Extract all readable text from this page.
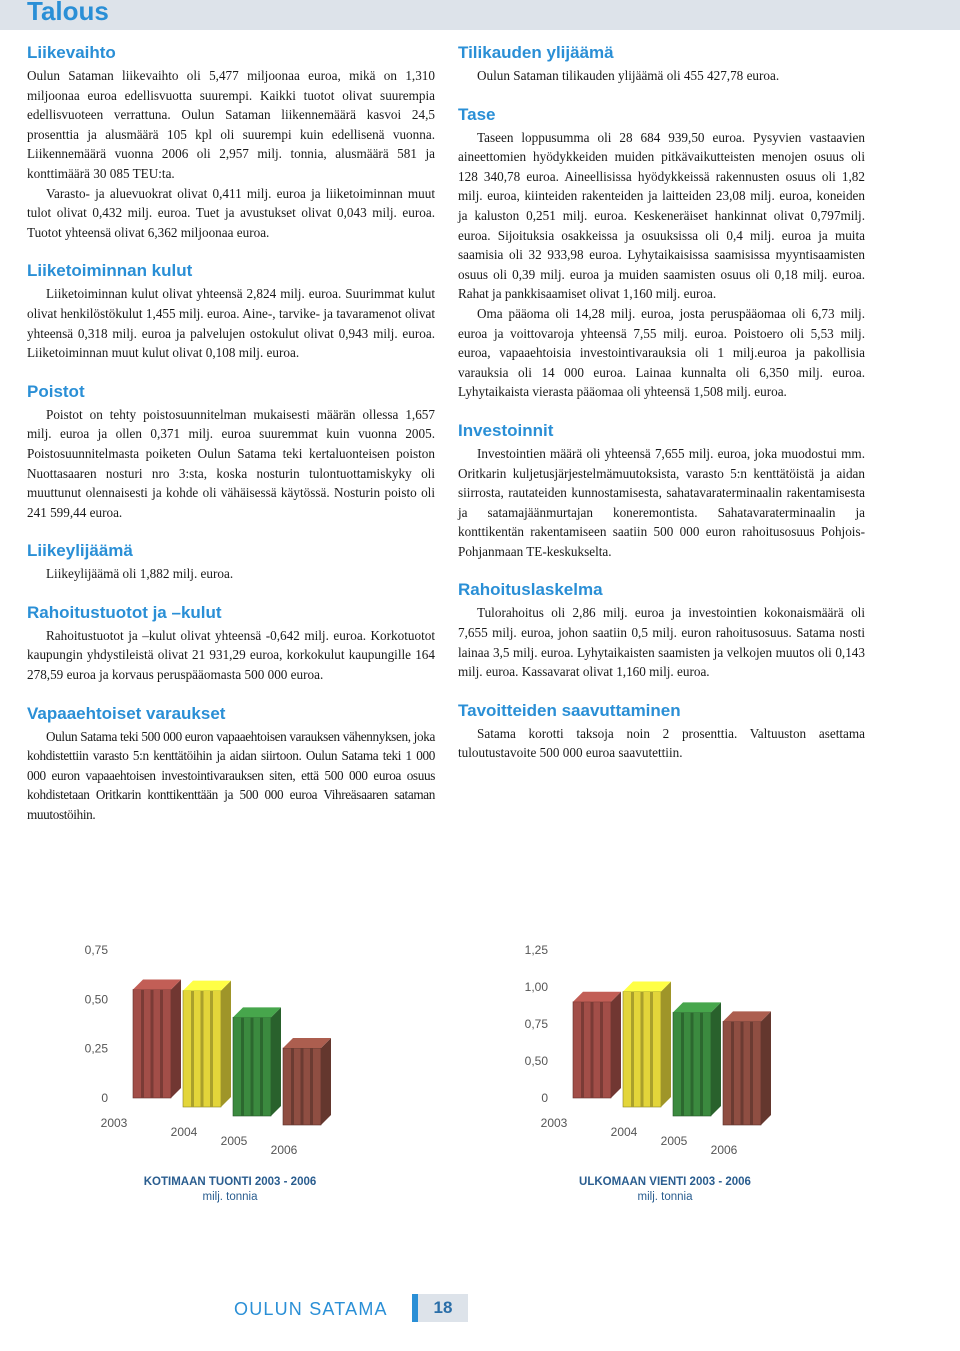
Talous
Liikevaihto

Oulun Sataman liikevaihto oli 5,477 miljoonaa euroa, mikä on 1,310 miljoonaa euroa edellisvuotta suurempi. Kaikki tuotot olivat suurempia edellisvuoteen verrattuna. Oulun Sataman liikennemäärä kasvoi 24,5 prosenttia ja alusmäärä 105 kpl oli suurempi kuin edellisenä vuonna. Liikennemäärä vuonna 2006 oli 2,957 milj. tonnia, alusmäärä 581 ja konttimäärä 30 085 TEU:ta.

Varasto- ja aluevuokrat olivat 0,411 milj. euroa ja liiketoiminnan muut tulot olivat 0,432 milj. euroa. Tuet ja avustukset olivat 0,043 milj. euroa. Tuotot yhteensä olivat 6,362 miljoonaa euroa.

Liiketoiminnan kulut

Liiketoiminnan kulut olivat yhteensä 2,824 milj. euroa. Suurimmat kulut olivat henkilöstökulut 1,455 milj. euroa. Aine-, tarvike- ja tavaramenot olivat yhteensä 0,318 milj. euroa ja palvelujen ostokulut olivat 0,943 milj. euroa. Liiketoiminnan muut kulut olivat 0,108 milj. euroa.

Poistot

Poistot on tehty poistosuunnitelman mukaisesti määrän ollessa 1,657 milj. euroa ja ollen 0,371 milj. euroa suuremmat kuin vuonna 2005. Poistosuunnitelmasta poiketen Oulun Satama teki kertaluonteisen poiston Nuottasaaren nosturi nro 3:sta, koska nosturin tulontuottamiskyky oli muuttunut olennaisesti ja kohde oli vähäisessä käytössä. Nosturin poisto oli 241 599,44 euroa.

Liikeylijäämä

Liikeylijäämä oli 1,882 milj. euroa.

Rahoitustuotot ja –kulut

Rahoitustuotot ja –kulut olivat yhteensä -0,642 milj. euroa. Korkotuotot kaupungin yhdystileistä olivat 21 931,29 euroa, korkokulut kaupungille 164 278,59 euroa ja korvaus peruspääomasta 500 000 euroa.

Vapaaehtoiset varaukset

Oulun Satama teki 500 000 euron vapaaehtoisen varauksen vähennyksen, joka kohdistettiin varasto 5:n kenttätöihin ja aidan siirtoon. Oulun Satama teki 1 000 000 euron vapaaehtoisen investointivarauksen siten, että 500 000 euroa osuus kohdistetaan Oritkarin konttikenttään ja 500 000 euroa Vihreäsaaren sataman muutostöihin.

Tilikauden ylijäämä

Oulun Sataman tilikauden ylijäämä oli 455 427,78 euroa.

Tase

Taseen loppusumma oli 28 684 939,50 euroa. Pysyvien vastaavien aineettomien hyödykkeiden muiden pitkävaikutteisten menojen osuus oli 128 340,78 euroa. Aineellisissa hyödykkeissä rakennusten osuus oli 1,82 milj. euroa, kiinteiden rakenteiden ja laitteiden 23,08 milj. euroa, koneiden ja kaluston 0,251 milj. euroa. Keskeneräiset hankinnat olivat 0,797milj. euroa. Sijoituksia osakkeissa ja osuuksissa oli 0,4 milj. euroa ja muita saamisia oli 32 933,98 euroa. Lyhytaikaisissa saamisissa myyntisaamisten osuus oli 0,39 milj. euroa ja muiden saamisten osuus oli 0,18 milj. euroa. Rahat ja pankkisaamiset olivat 1,160 milj. euroa.

Oma pääoma oli 14,28 milj. euroa, josta peruspääomaa oli 6,73 milj. euroa ja voittovaroja yhteensä 7,55 milj. euroa. Poistoero oli 5,53 milj. euroa, vapaaehtoisia investointivarauksia oli 1 milj.euroa ja pakollisia varauksia oli 14 000 euroa. Lainaa kunnalta oli 6,350 milj. euroa. Lyhytaikaista vierasta pääomaa oli yhteensä 1,508 milj. euroa.

Investoinnit

Investointien määrä oli yhteensä 7,655 milj. euroa, joka muodostui mm. Oritkarin kuljetusjärjestelmämuutoksista, varasto 5:n kenttätöistä ja aidan siirrosta, rautateiden kunnostamisesta, sahatavaraterminaalin rakentamisesta ja satamajäänmurtajan koneremontista. Sahatavaraterminaalin ja konttikentän rakentamiseen saatiin 500 000 euron rahoitusosuus Pohjois-Pohjanmaan TE-keskukselta.

Rahoituslaskelma

Tulorahoitus oli 2,86 milj. euroa ja investointien kokonaismäärä oli 7,655 milj. euroa, johon saatiin 0,5 milj. euron rahoitusosuus. Satama nosti lainaa 3,5 milj. euroa. Lyhytaikaisten saamisten ja velkojen muutos oli 0,143 milj. euroa. Kassavarat olivat 1,160 milj. euroa.

Tavoitteiden saavuttaminen

Satama korotti taksoja noin 2 prosenttia. Valtuuston asettama tuloutustavoite 500 000 euroa saavutettiin.

0
0,25
0,50
0,75
2003
2004
2005
2006
KOTIMAAN TUONTI 2003 - 2006
milj. tonnia
0
0,50
0,75
1,00
1,25
2003
2004
2005
2006
ULKOMAAN VIENTI 2003 - 2006
milj. tonnia
OULUN SATAMA	18
